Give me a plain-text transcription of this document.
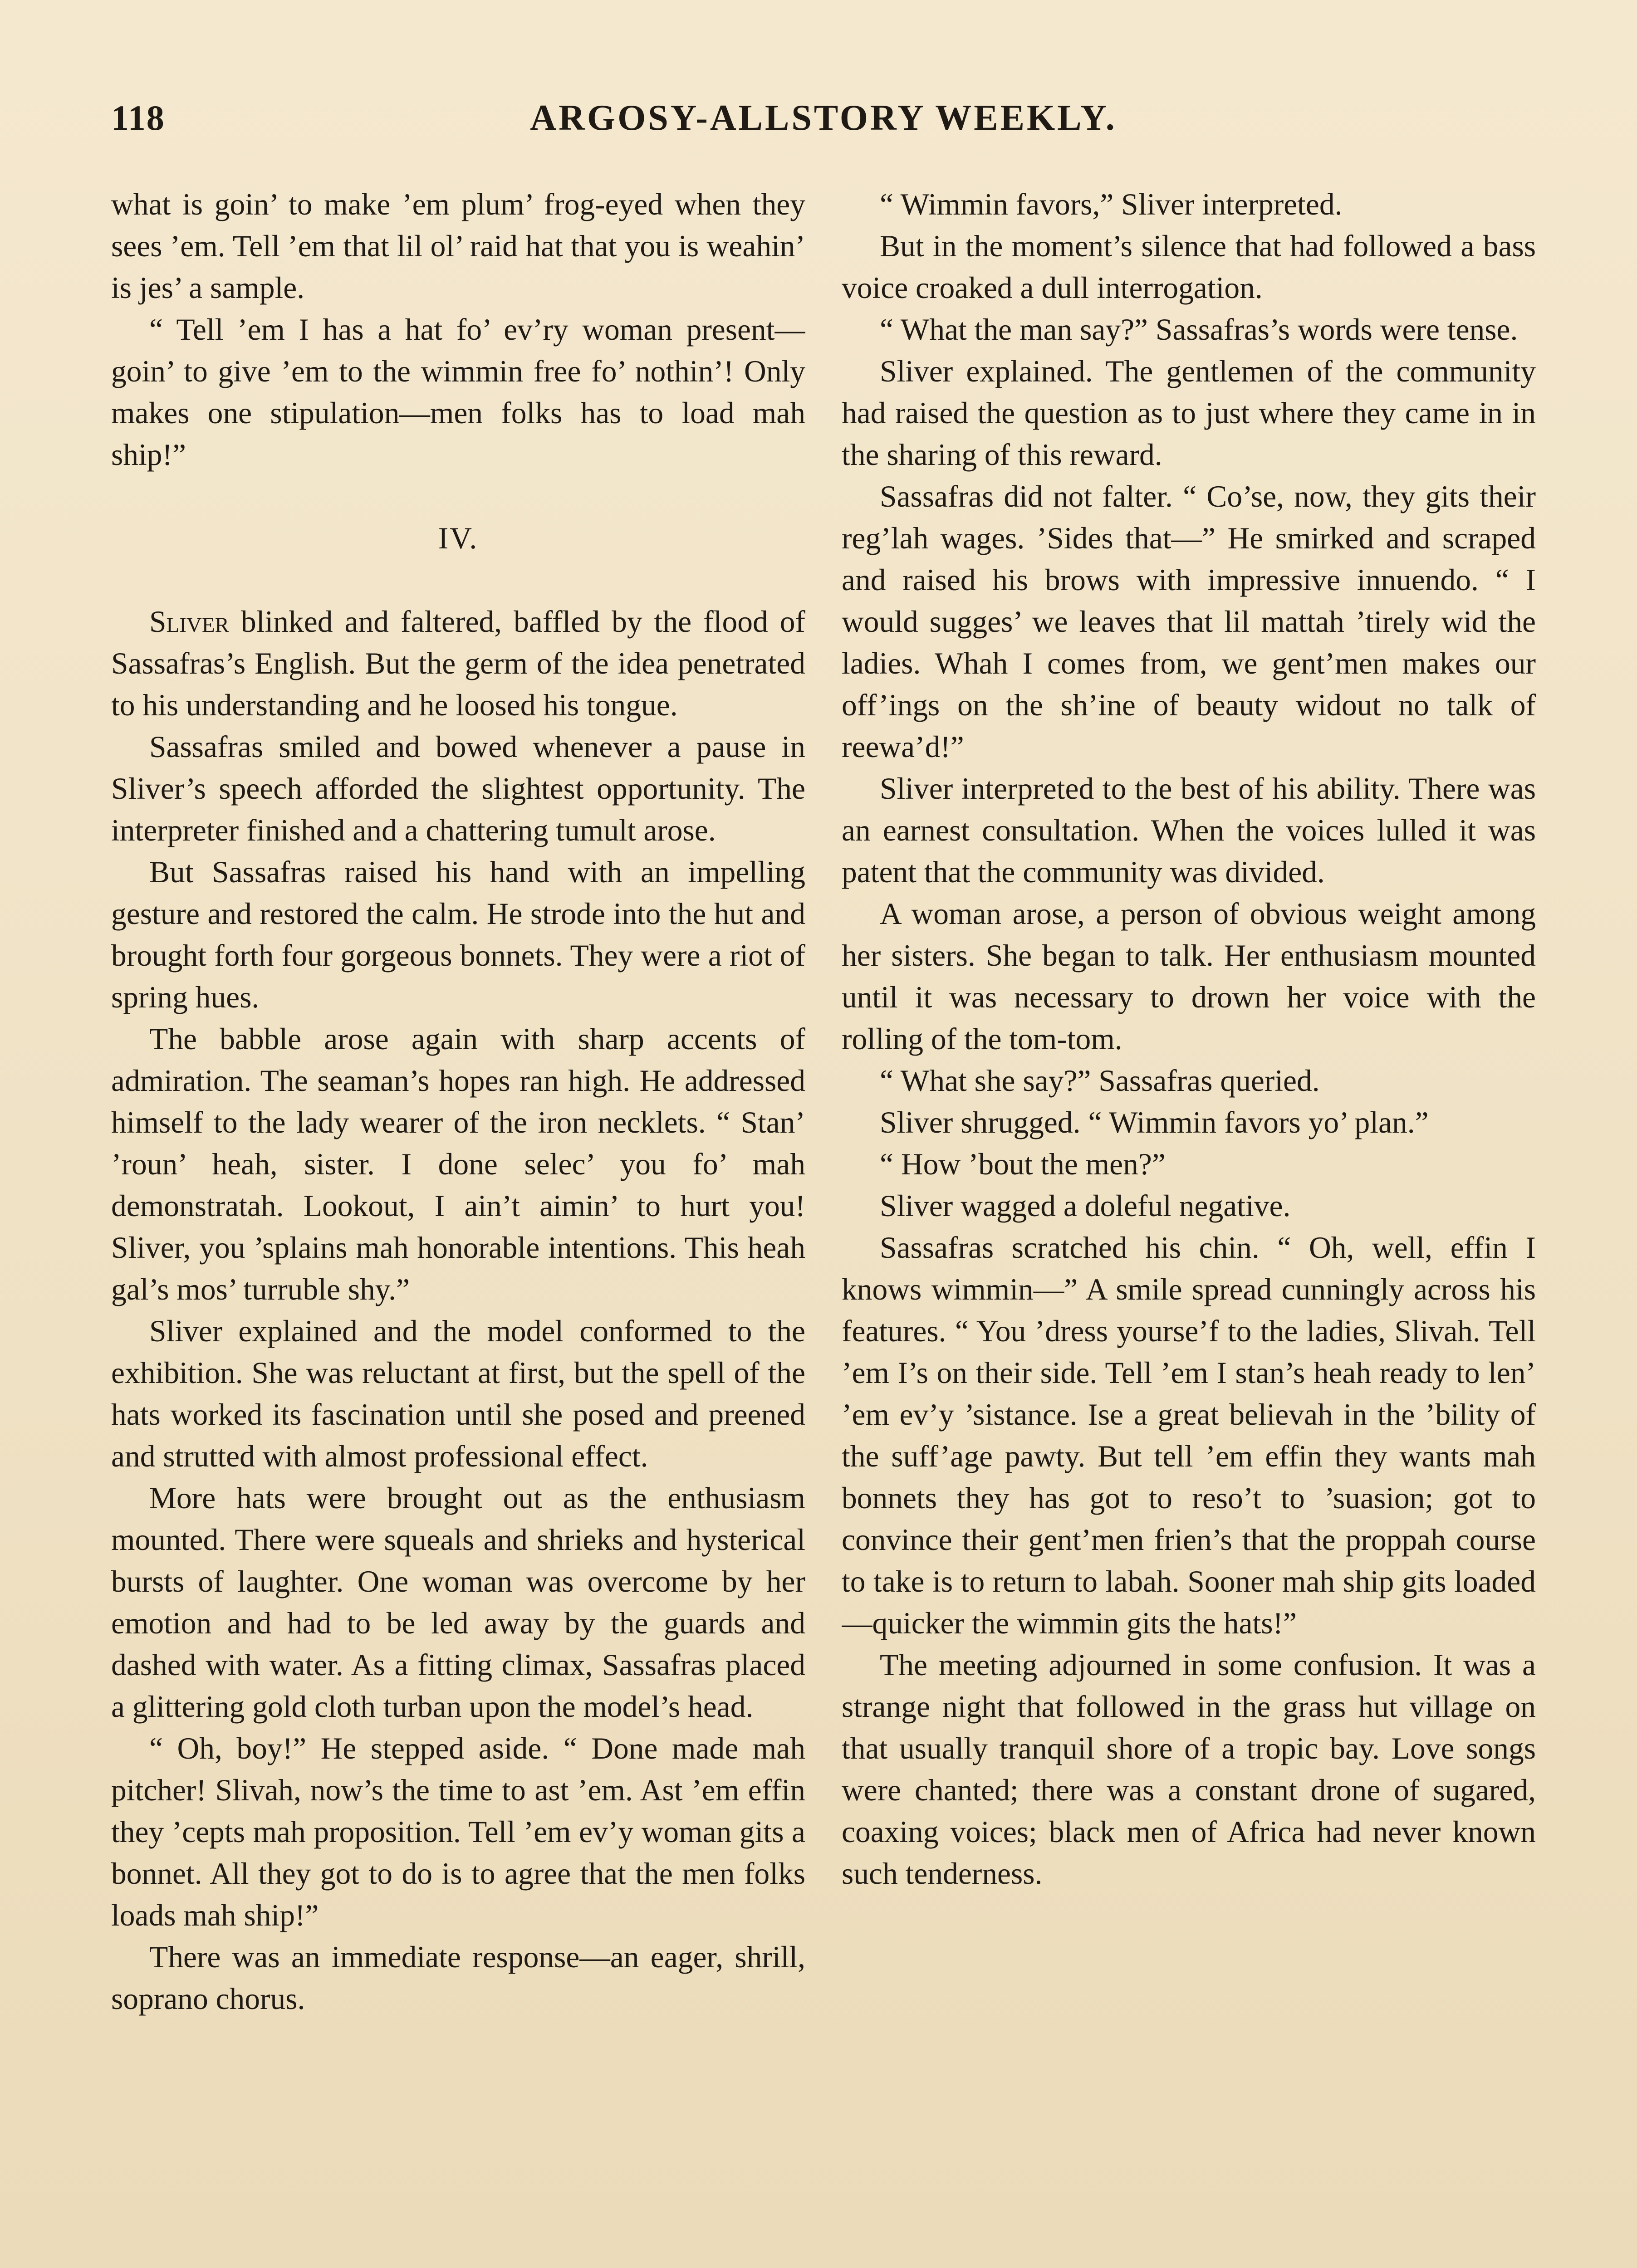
118	ARGOSY-ALLSTORY WEEKLY.

what is goin’ to make ’em plum’ frog-eyed when they sees ’em. Tell ’em that lil ol’ raid hat that you is weahin’ is jes’ a sample.

“ Tell ’em I has a hat fo’ ev’ry woman present—goin’ to give ’em to the wimmin free fo’ nothin’! Only makes one stipulation—men folks has to load mah ship!”

IV.

Sliver blinked and faltered, baffled by the flood of Sassafras’s English. But the germ of the idea penetrated to his understanding and he loosed his tongue.

Sassafras smiled and bowed whenever a pause in Sliver’s speech afforded the slightest opportunity. The interpreter finished and a chattering tumult arose.

But Sassafras raised his hand with an impelling gesture and restored the calm. He strode into the hut and brought forth four gorgeous bonnets. They were a riot of spring hues.

The babble arose again with sharp accents of admiration. The seaman’s hopes ran high. He addressed himself to the lady wearer of the iron necklets. “ Stan’ ’roun’ heah, sister. I done selec’ you fo’ mah demonstratah. Lookout, I ain’t aimin’ to hurt you! Sliver, you ’splains mah honorable intentions. This heah gal’s mos’ turruble shy.”

Sliver explained and the model conformed to the exhibition. She was reluctant at first, but the spell of the hats worked its fascination until she posed and preened and strutted with almost professional effect.

More hats were brought out as the enthusiasm mounted. There were squeals and shrieks and hysterical bursts of laughter. One woman was overcome by her emotion and had to be led away by the guards and dashed with water. As a fitting climax, Sassafras placed a glittering gold cloth turban upon the model’s head.

“ Oh, boy!” He stepped aside. “ Done made mah pitcher! Slivah, now’s the time to ast ’em. Ast ’em effin they ’cepts mah proposition. Tell ’em ev’y woman gits a bonnet. All they got to do is to agree that the men folks loads mah ship!”

There was an immediate response—an eager, shrill, soprano chorus.

“ Wimmin favors,” Sliver interpreted.

But in the moment’s silence that had followed a bass voice croaked a dull interrogation.

“ What the man say?” Sassafras’s words were tense.

Sliver explained. The gentlemen of the community had raised the question as to just where they came in in the sharing of this reward.

Sassafras did not falter. “ Co’se, now, they gits their reg’lah wages. ’Sides that—” He smirked and scraped and raised his brows with impressive innuendo. “ I would sugges’ we leaves that lil mattah ’tirely wid the ladies. Whah I comes from, we gent’men makes our off’ings on the sh’ine of beauty widout no talk of reewa’d!”

Sliver interpreted to the best of his ability. There was an earnest consultation. When the voices lulled it was patent that the community was divided.

A woman arose, a person of obvious weight among her sisters. She began to talk. Her enthusiasm mounted until it was necessary to drown her voice with the rolling of the tom-tom.

“ What she say?” Sassafras queried.

Sliver shrugged. “ Wimmin favors yo’ plan.”

“ How ’bout the men?”

Sliver wagged a doleful negative.

Sassafras scratched his chin. “ Oh, well, effin I knows wimmin—” A smile spread cunningly across his features. “ You ’dress yourse’f to the ladies, Slivah. Tell ’em I’s on their side. Tell ’em I stan’s heah ready to len’ ’em ev’y ’sistance. Ise a great believah in the ’bility of the suff’age pawty. But tell ’em effin they wants mah bonnets they has got to reso’t to ’suasion; got to convince their gent’men frien’s that the proppah course to take is to return to labah. Sooner mah ship gits loaded—quicker the wimmin gits the hats!”

The meeting adjourned in some confusion. It was a strange night that followed in the grass hut village on that usually tranquil shore of a tropic bay. Love songs were chanted; there was a constant drone of sugared, coaxing voices; black men of Africa had never known such tenderness.
